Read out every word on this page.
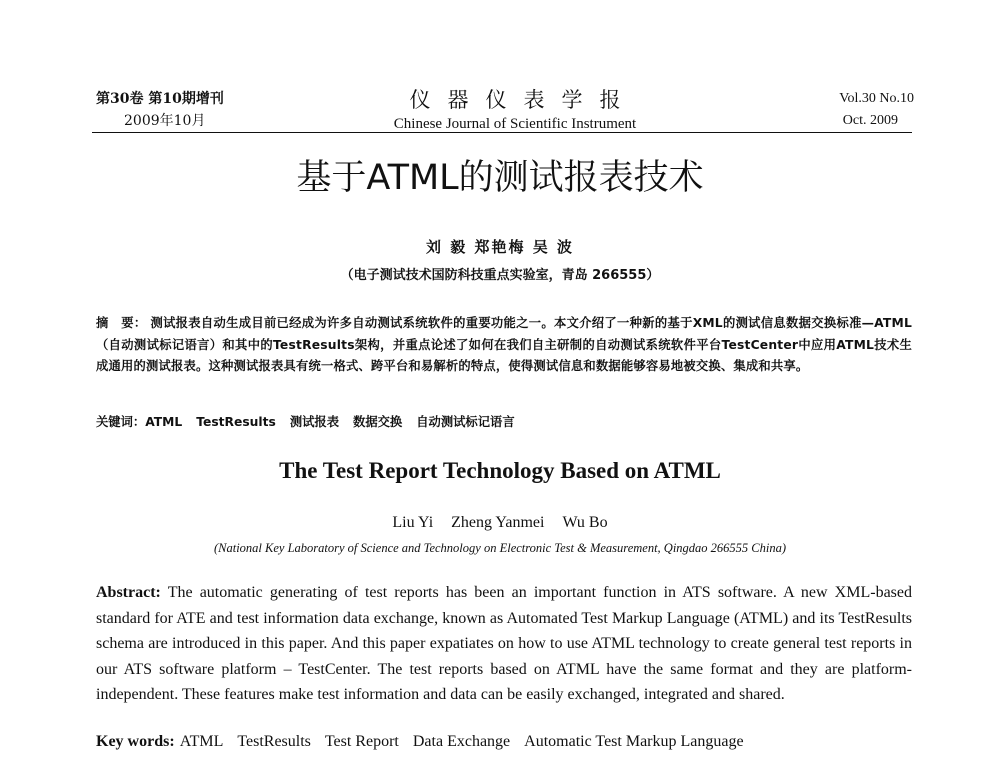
第30卷 第10期增刊
2009年10月
仪器仪表学报
Chinese Journal of Scientific Instrument
Vol.30 No.10
Oct. 2009
基于ATML的测试报表技术
刘 毅 郑艳梅 吴 波
（电子测试技术国防科技重点实验室，青岛 266555）
摘　要： 测试报表自动生成目前已经成为许多自动测试系统软件的重要功能之一。本文介绍了一种新的基于XML的测试信息数据交换标准—ATML（自动测试标记语言）和其中的TestResults架构，并重点论述了如何在我们自主研制的自动测试系统软件平台TestCenter中应用ATML技术生成通用的测试报表。这种测试报表具有统一格式、跨平台和易解析的特点，使得测试信息和数据能够容易地被交换、集成和共享。
关键词：ATML TestResults 测试报表 数据交换 自动测试标记语言
The Test Report Technology Based on ATML
Liu Yi Zheng Yanmei Wu Bo
(National Key Laboratory of Science and Technology on Electronic Test & Measurement, Qingdao 266555 China)
Abstract: The automatic generating of test reports has been an important function in ATS software. A new XML-based standard for ATE and test information data exchange, known as Automated Test Markup Language (ATML) and its TestResults schema are introduced in this paper. And this paper expatiates on how to use ATML technology to create general test reports in our ATS software platform – TestCenter. The test reports based on ATML have the same format and they are platform-independent. These features make test information and data can be easily exchanged, integrated and shared.
Key words: ATML TestResults Test Report Data Exchange Automatic Test Markup Language
